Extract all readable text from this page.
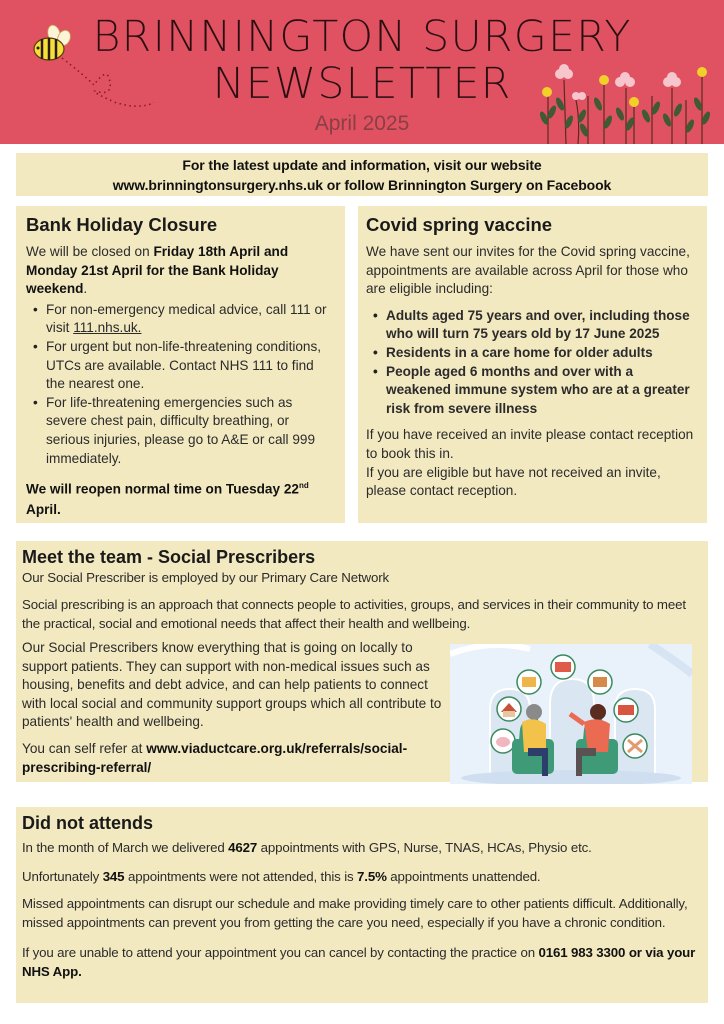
BRINNINGTON SURGERY
NEWSLETTER
April 2025
For the latest update and information, visit our website
www.brinningtonsurgery.nhs.uk or follow Brinnington Surgery on Facebook
Bank Holiday Closure
We will be closed on Friday 18th April and Monday 21st April for the Bank Holiday weekend.
• For non-emergency medical advice, call 111 or visit 111.nhs.uk.
• For urgent but non-life-threatening conditions, UTCs are available. Contact NHS 111 to find the nearest one.
• For life-threatening emergencies such as severe chest pain, difficulty breathing, or serious injuries, please go to A&E or call 999 immediately.
We will reopen normal time on Tuesday 22nd
April.
Covid spring vaccine
We have sent our invites for the Covid spring vaccine, appointments are available across April for those who are eligible including:
• Adults aged 75 years and over, including those who will turn 75 years old by 17 June 2025
• Residents in a care home for older adults
• People aged 6 months and over with a weakened immune system who are at a greater risk from severe illness
If you have received an invite please contact reception to book this in.
If you are eligible but have not received an invite, please contact reception.
Meet the team - Social Prescribers
Our Social Prescriber is employed by our Primary Care Network
Social prescribing is an approach that connects people to activities, groups, and services in their community to meet the practical, social and emotional needs that affect their health and wellbeing.
Our Social Prescribers know everything that is going on locally to support patients. They can support with non-medical issues such as housing, benefits and debt advice, and can help patients to connect with local social and community support groups which all contribute to patients' health and wellbeing.
You can self refer at www.viaductcare.org.uk/referrals/social-prescribing-referral/
Did not attends
In the month of March we delivered 4627 appointments with GPS, Nurse, TNAS, HCAs, Physio etc.
Unfortunately 345 appointments were not attended, this is 7.5% appointments unattended.
Missed appointments can disrupt our schedule and make providing timely care to other patients difficult. Additionally, missed appointments can prevent you from getting the care you need, especially if you have a chronic condition.
If you are unable to attend your appointment you can cancel by contacting the practice on 0161 983 3300 or via your NHS App.
